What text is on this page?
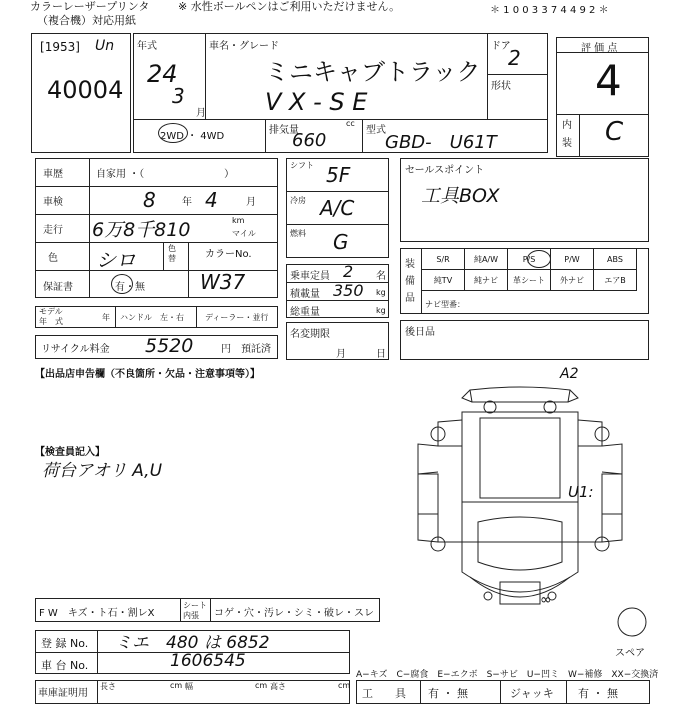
カラーレーザープリンタ	※ 水性ボールペンはご利用いただけません。
（複合機）対応用紙
＊ 1 0 0 3 3 7 4 4 9 2 ＊
[1953] Un
40004
年式
24
3
月
車名・グレード
ミニキャブトラック
V X - S E
ドア
2
形状
2WD ・ 4WD
排気量
cc
660	型式
GBD-　U61T
評 価 点
4
内
装 C
車歴	自家用 ・（　　　　　　　　）
車検	8	年 4	月
走行 6万8千810	km
マイル
色 シロ	色替	カラーNo.
W37
保証書	有・無
モデル
年　式	年 ハンドル　左・右	ディーラー・並行
リサイクル料金 5520	円　預託済
シフト 5F
冷房 A/C
燃料 G
乗車定員 2 名
積載量 350 kg
総重量	kg
名変期限
月	日
セールスポイント
工具BOX
装
備
品
S/R	純A/W	P/S	P/W	ABS
純TV	純ナビ	革シート	外ナビ	エアB
ナビ型番：
後日品
【出品店申告欄（不良箇所・欠品・注意事項等）】
【検査員記入】
荷台アオリ A,U
A2
U1:
スペア
∞
F W　キズ・ト石・割レX
シート
内張 コゲ・穴・汚レ・シミ・破レ・スレ
登 録 No. ミエ　480 は 6852
車 台 No.	1606545
A−キズ　C−腐食　E−エクボ　S−サビ　U−凹ミ　W−補修　XX−交換済
車庫証明用
長さ	cm 幅	cm 高さ	cm
工　　具 有 ・ 無	ジャッキ 有 ・ 無
